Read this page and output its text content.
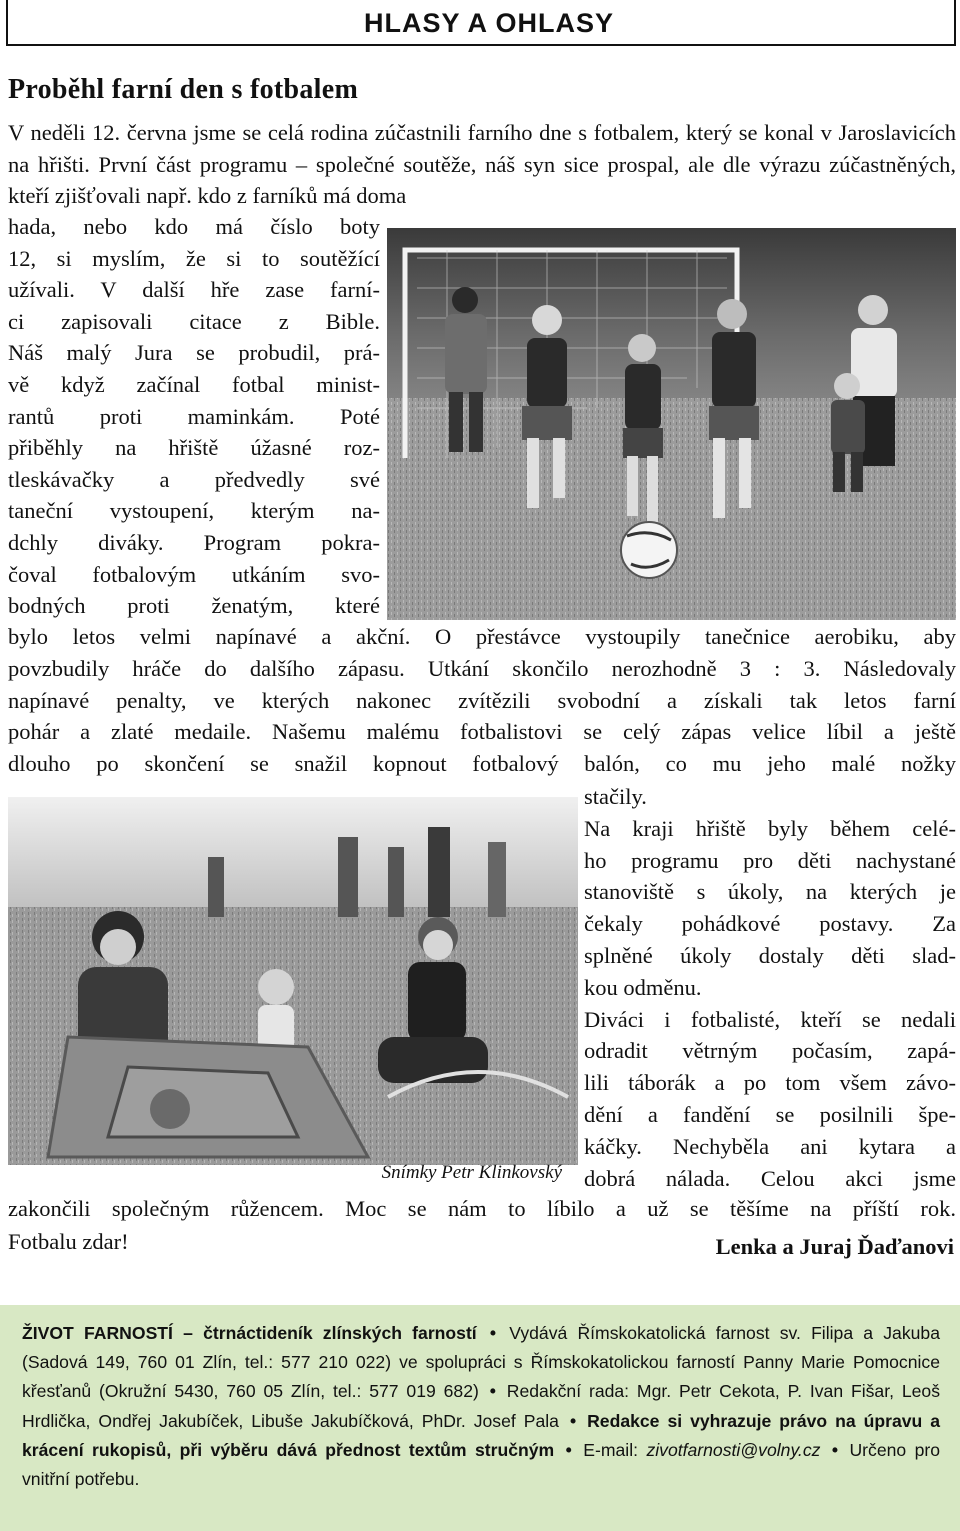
HLASY A OHLASY
Proběhl farní den s fotbalem

V neděli 12. června jsme se celá rodina zúčastnili farního dne s fotbalem, který se konal v Jaroslavicích na hřišti. První část programu – společné soutěže, náš syn sice prospal, ale dle výrazu zúčastněných, kteří zjišťovali např. kdo z farníků má doma

hada, nebo kdo má číslo boty
12, si myslím, že si to soutěžící
užívali. V další hře zase farní-
ci zapisovali citace z Bible.
Náš malý Jura se probudil, prá-
vě když začínal fotbal minist-
rantů proti maminkám. Poté
přiběhly na hřiště úžasné roz-
tleskávačky a předvedly své
taneční vystoupení, kterým na-
dchly diváky. Program pokra-
čoval fotbalovým utkáním svo-
bodných proti ženatým, které
bylo letos velmi napínavé a akční. O přestávce vystoupily tanečnice aerobiku, aby
povzbudily hráče do dalšího zápasu. Utkání skončilo nerozhodně 3 : 3. Následovaly
napínavé penalty, ve kterých nakonec zvítězili svobodní a získali tak letos farní
pohár a zlaté medaile. Našemu malému fotbalistovi se celý zápas velice líbil a ještě
dlouho po skončení se snažil kopnout fotbalový balón, co mu jeho malé nožky
stačily.
Na kraji hřiště byly během celé-
ho programu pro děti nachystané
stanoviště s úkoly, na kterých je
čekaly pohádkové postavy. Za
splněné úkoly dostaly děti slad-
kou odměnu.
Diváci i fotbalisté, kteří se nedali
odradit větrným počasím, zapá-
lili táborák a po tom všem závo-
dění a fandění se posilnili špe-
káčky. Nechyběla ani kytara a
dobrá nálada. Celou akci jsme
zakončili společným růžencem. Moc se nám to líbilo a už se těšíme na příští rok.
Fotbalu zdar!
Snímky Petr Klinkovský
Lenka a Juraj Ďaďanovi
ŽIVOT FARNOSTÍ – čtrnáctideník zlínských farností • Vydává Římskokatolická farnost sv. Filipa a Jakuba (Sadová 149, 760 01 Zlín, tel.: 577 210 022) ve spolupráci s Římskokatolickou farností Panny Marie Pomocnice křesťanů (Okružní 5430, 760 05 Zlín, tel.: 577 019 682) • Redakční rada: Mgr. Petr Cekota, P. Ivan Fišar, Leoš Hrdlička, Ondřej Jakubíček, Libuše Jakubíčková, PhDr. Josef Pala • Redakce si vyhrazuje právo na úpravu a krácení rukopisů, při výběru dává přednost textům stručným • E-mail: zivotfarnosti@volny.cz • Určeno pro vnitřní potřebu.
